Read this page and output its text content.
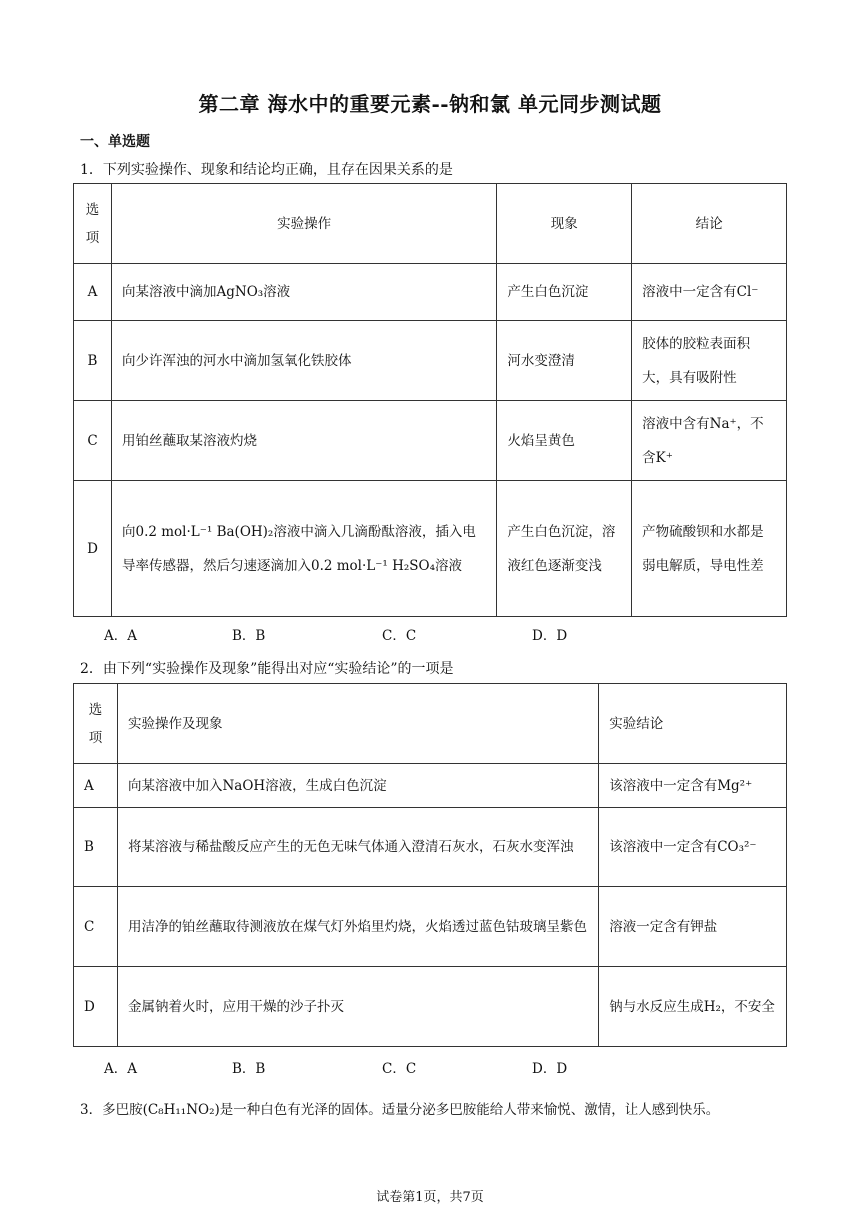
第二章 海水中的重要元素--钠和氯 单元同步测试题
一、单选题
1．下列实验操作、现象和结论均正确，且存在因果关系的是
选项	实验操作	现象	结论
A	向某溶液中滴加AgNO₃溶液	产生白色沉淀	溶液中一定含有Cl⁻
B	向少许浑浊的河水中滴加氢氧化铁胶体	河水变澄清	胶体的胶粒表面积大，具有吸附性
C	用铂丝蘸取某溶液灼烧	火焰呈黄色	溶液中含有Na⁺，不含K⁺
D	向0.2 mol·L⁻¹ Ba(OH)₂溶液中滴入几滴酚酞溶液，插入电导率传感器，然后匀速逐滴加入0.2 mol·L⁻¹ H₂SO₄溶液	产生白色沉淀，溶液红色逐渐变浅	产物硫酸钡和水都是弱电解质，导电性差
A．A	B．B	C．C	D．D
2．由下列“实验操作及现象”能得出对应“实验结论”的一项是
选项	实验操作及现象	实验结论
A	向某溶液中加入NaOH溶液，生成白色沉淀	该溶液中一定含有Mg²⁺
B	将某溶液与稀盐酸反应产生的无色无味气体通入澄清石灰水，石灰水变浑浊	该溶液中一定含有CO₃²⁻
C	用洁净的铂丝蘸取待测液放在煤气灯外焰里灼烧，火焰透过蓝色钴玻璃呈紫色	溶液一定含有钾盐
D	金属钠着火时，应用干燥的沙子扑灭	钠与水反应生成H₂，不安全
A．A	B．B	C．C	D．D
3．多巴胺(C₈H₁₁NO₂)是一种白色有光泽的固体。适量分泌多巴胺能给人带来愉悦、激情，让人感到快乐。
试卷第1页，共7页
